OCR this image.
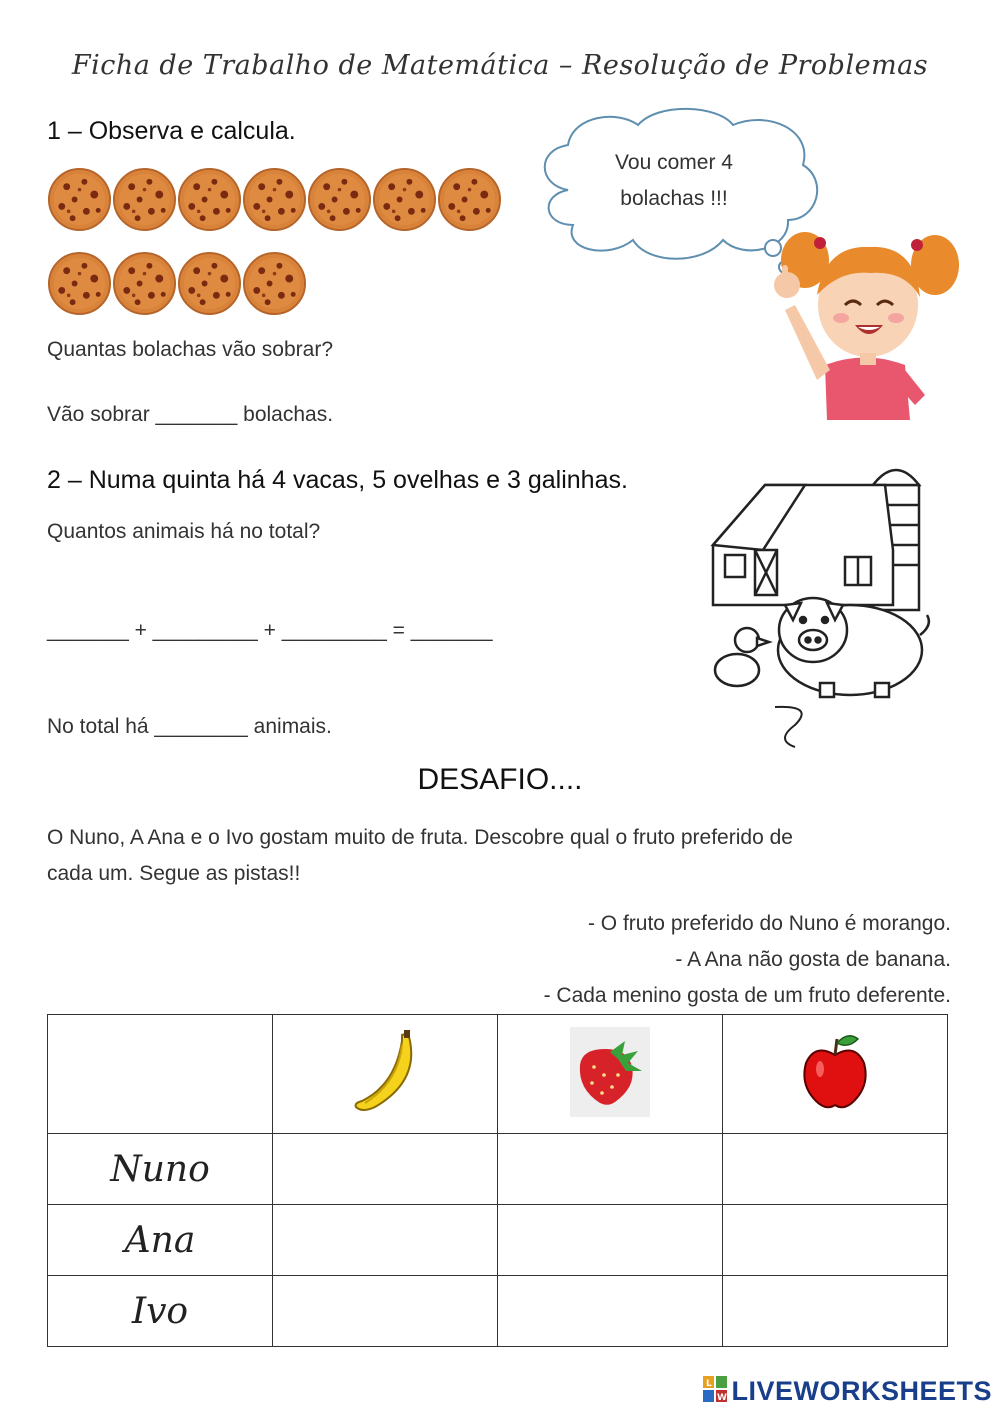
Ficha de Trabalho de Matemática – Resolução de Problemas
1 – Observa e calcula.
Vou comer 4
bolachas !!!
Quantas bolachas vão sobrar?
Vão sobrar _______ bolachas.
2 – Numa quinta há 4 vacas, 5 ovelhas e 3 galinhas.
Quantos animais há no total?
_______ + _________ + _________ = _______
No total há ________ animais.
DESAFIO....
O Nuno, A Ana e o Ivo gostam muito de fruta. Descobre qual o fruto preferido de
cada um. Segue as pistas!!
- O fruto preferido do Nuno é morango.
- A Ana não gosta de banana.
- Cada menino gosta de um fruto deferente.

Nuno			
Ana			
Ivo			
L
W LIVEWORKSHEETS
